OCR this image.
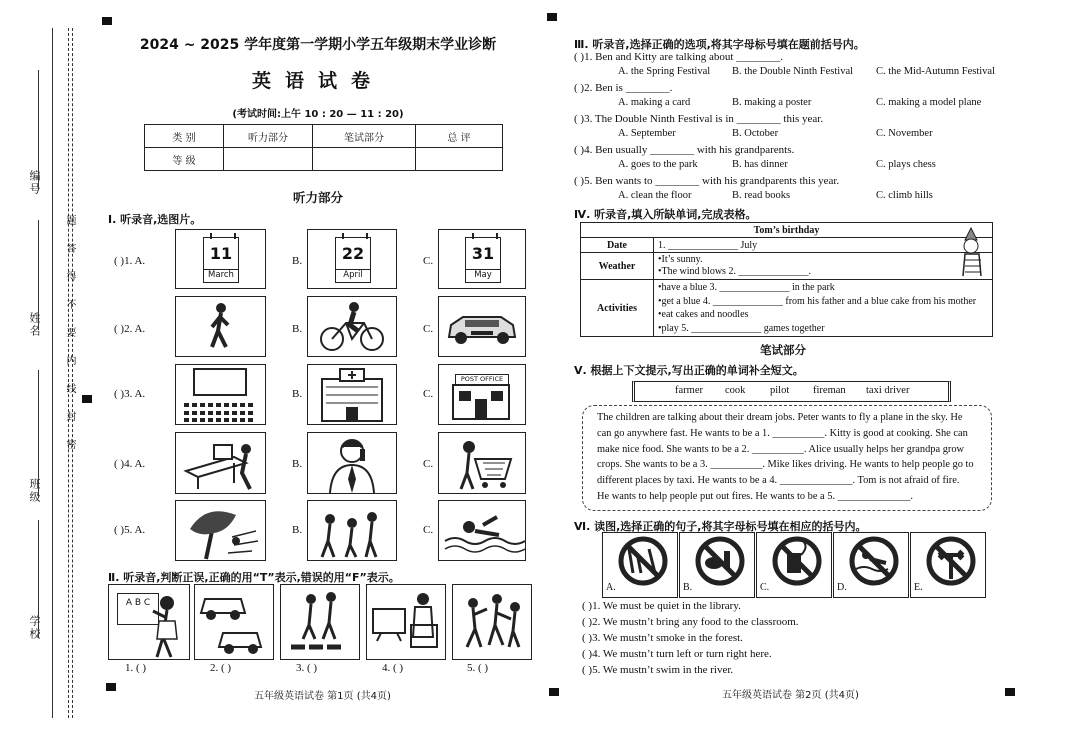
题答得不要内线封密
编号
姓名
班级
学校
2024 ~ 2025 学年度第一学期小学五年级期末学业诊断
英语试卷
(考试时间:上午 10 : 20 — 11 : 20)
类 别	听力部分	笔试部分	总 评
等 级			
听力部分
Ⅰ. 听录音,选图片。
( )1. A.	B.	C.
( )2. A.	B.	C.
( )3. A.	B.	C.
( )4. A.	B.	C.
( )5. A.	B.	C.
11
March
22
April
31
May
POST OFFICE
Ⅱ. 听录音,判断正误,正确的用“T”表示,错误的用“F”表示。
A B C
1. ( )	2. ( )	3. ( )	4. ( )	5. ( )
五年级英语试卷 第1页 (共4页)
Ⅲ. 听录音,选择正确的选项,将其字母标号填在题前括号内。
( )1. Ben and Kitty are talking about ________.
A. the Spring Festival B. the Double Ninth Festival C. the Mid-Autumn Festival
( )2. Ben is ________.
A. making a card	B. making a poster	C. making a model plane
( )3. The Double Ninth Festival is in ________ this year.
A. September	B. October	C. November
( )4. Ben usually ________ with his grandparents.
A. goes to the park	B. has dinner	C. plays chess
( )5. Ben wants to ________ with his grandparents this year.
A. clean the floor	B. read books	C. climb hills
Ⅳ. 听录音,填入所缺单词,完成表格。
Tom’s birthday	
Date	1. ______________ July
Weather	•It’s sunny.
•The wind blows 2. ______________.

Activities	•have a blue 3. ______________ in the park
•get a blue 4. ______________ from his father and a blue cake from his mother
•eat cakes and noodles
•play 5. ______________ games together
笔试部分
Ⅴ. 根据上下文提示,写出正确的单词补全短文。
farmer cook pilot fireman taxi driver
The children are talking about their dream jobs. Peter wants to fly a plane in the sky. He
can go anywhere fast. He wants to be a 1. __________. Kitty is good at cooking. She can
make nice food. She wants to be a 2. __________. Alice usually helps her grandpa grow
crops. She wants to be a 3. __________. Mike likes driving. He wants to help people go to
different places by taxi. He wants to be a 4. ______________. Tom is not afraid of fire.
He wants to help people put out fires. He wants to be a 5. ______________.
Ⅵ. 读图,选择正确的句子,将其字母标号填在相应的括号内。
A.	B.	C.	D.	E.
( )1. We must be quiet in the library.
( )2. We mustn’t bring any food to the classroom.
( )3. We mustn’t smoke in the forest.
( )4. We mustn’t turn left or turn right here.
( )5. We mustn’t swim in the river.
五年级英语试卷 第2页 (共4页)
